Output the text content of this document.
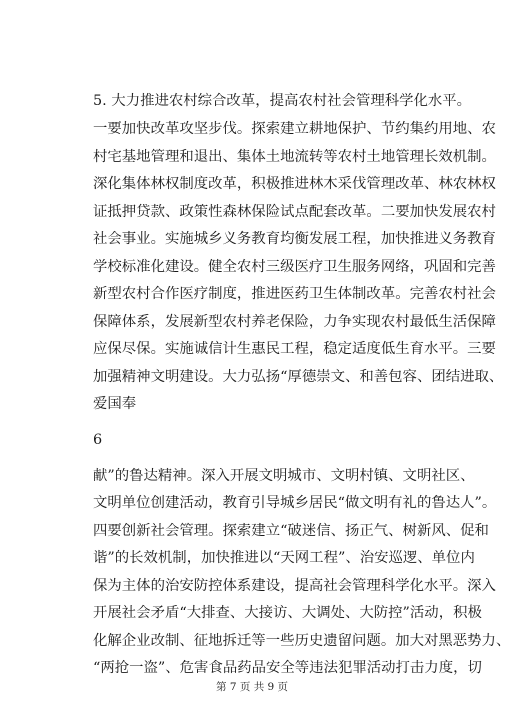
5. 大力推进农村综合改革，提高农村社会管理科学化水平。
一要加快改革攻坚步伐。探索建立耕地保护、节约集约用地、农
村宅基地管理和退出、集体土地流转等农村土地管理长效机制。
深化集体林权制度改革，积极推进林木采伐管理改革、林农林权
证抵押贷款、政策性森林保险试点配套改革。二要加快发展农村
社会事业。实施城乡义务教育均衡发展工程，加快推进义务教育
学校标准化建设。健全农村三级医疗卫生服务网络，巩固和完善
新型农村合作医疗制度，推进医药卫生体制改革。完善农村社会
保障体系，发展新型农村养老保险，力争实现农村最低生活保障
应保尽保。实施诚信计生惠民工程，稳定适度低生育水平。三要
加强精神文明建设。大力弘扬“厚德崇文、和善包容、团结进取、
爱国奉
6
献”的鲁达精神。深入开展文明城市、文明村镇、文明社区、
文明单位创建活动，教育引导城乡居民“做文明有礼的鲁达人”。
四要创新社会管理。探索建立“破迷信、扬正气、树新风、促和
谐”的长效机制，加快推进以“天网工程”、治安巡逻、单位内
保为主体的治安防控体系建设，提高社会管理科学化水平。深入
开展社会矛盾“大排查、大接访、大调处、大防控”活动，积极
化解企业改制、征地拆迁等一些历史遗留问题。加大对黑恶势力、
“两抢一盗”、危害食品药品安全等违法犯罪活动打击力度，切
第 7 页 共 9 页
